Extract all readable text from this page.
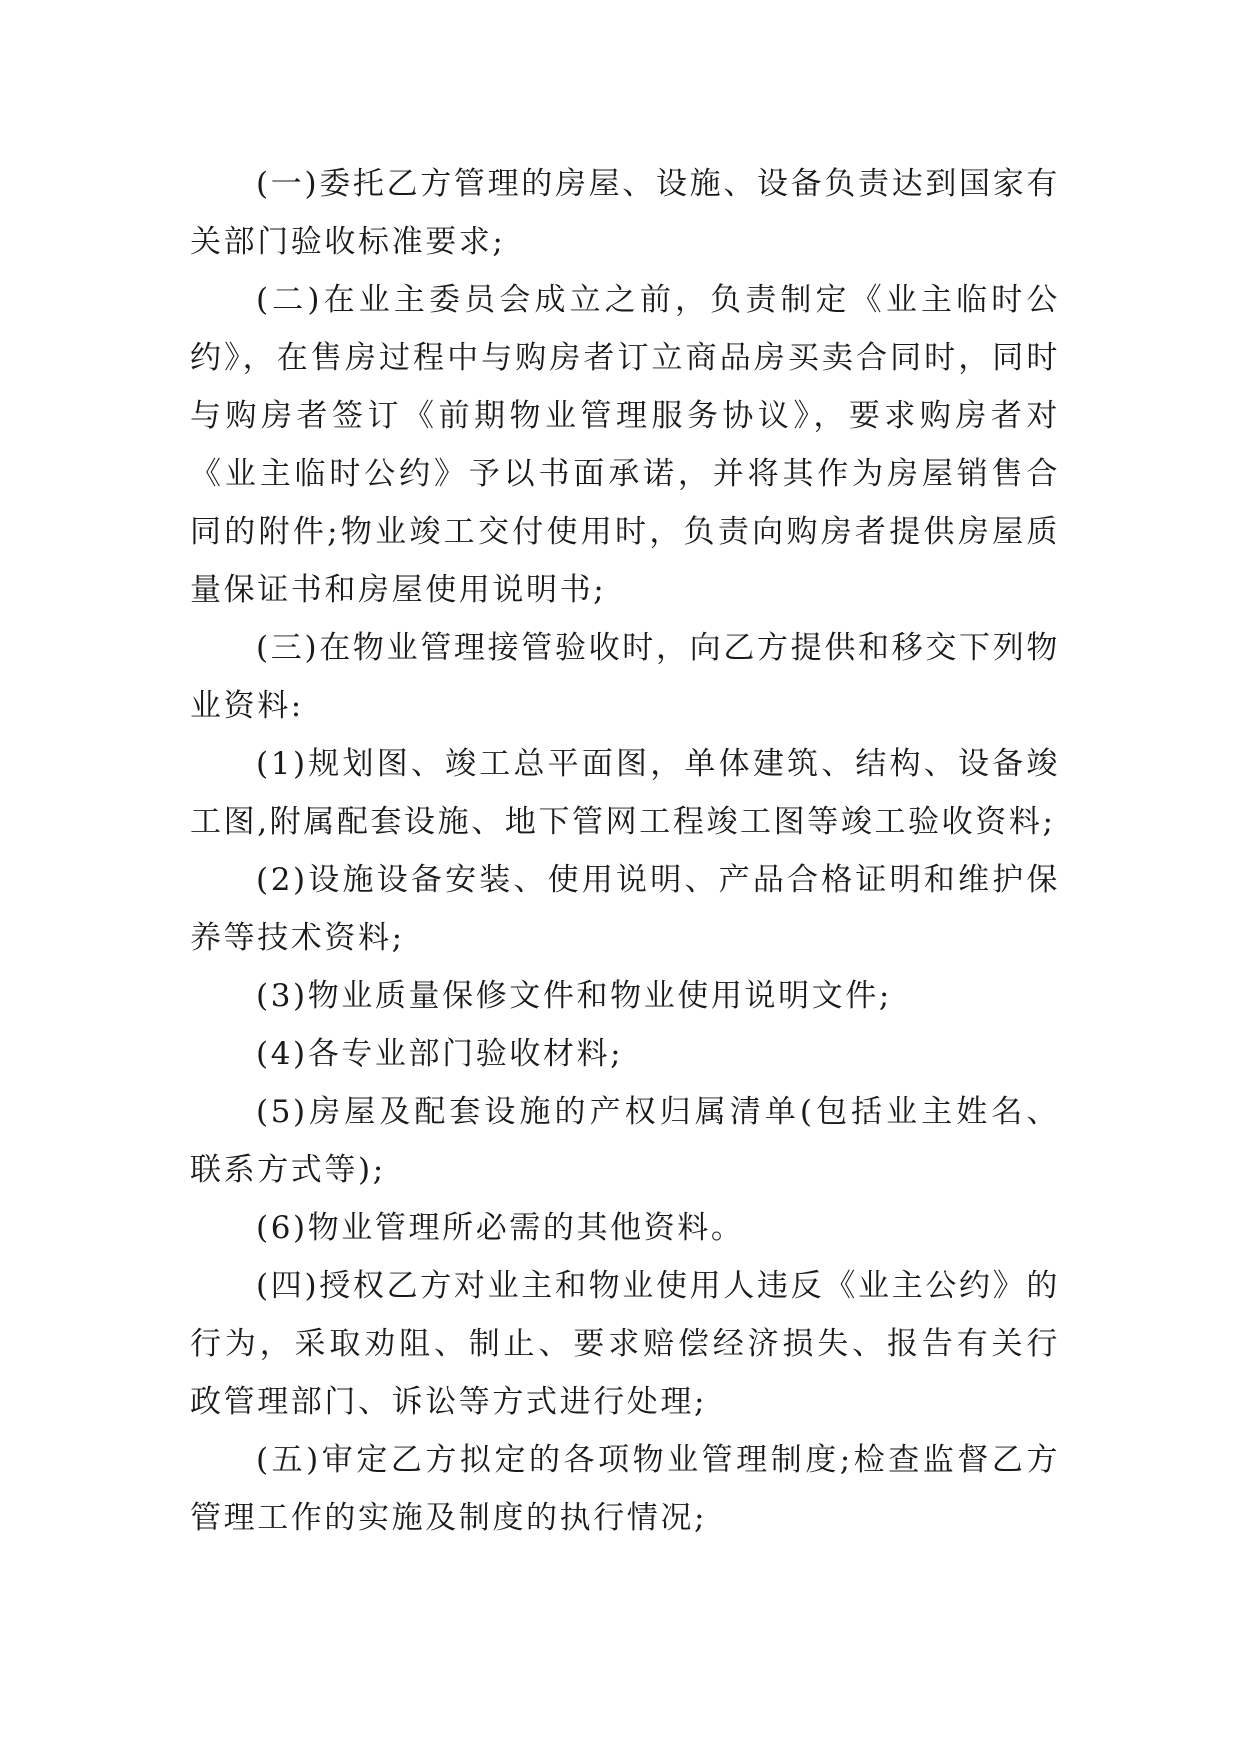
(一)委托乙方管理的房屋、设施、设备负责达到国家有关部门验收标准要求;

(二)在业主委员会成立之前，负责制定《业主临时公约》，在售房过程中与购房者订立商品房买卖合同时，同时与购房者签订《前期物业管理服务协议》，要求购房者对《业主临时公约》予以书面承诺，并将其作为房屋销售合同的附件;物业竣工交付使用时，负责向购房者提供房屋质量保证书和房屋使用说明书;

(三)在物业管理接管验收时，向乙方提供和移交下列物业资料:

(1)规划图、竣工总平面图，单体建筑、结构、设备竣工图,附属配套设施、地下管网工程竣工图等竣工验收资料;

(2)设施设备安装、使用说明、产品合格证明和维护保养等技术资料;

(3)物业质量保修文件和物业使用说明文件;

(4)各专业部门验收材料;

(5)房屋及配套设施的产权归属清单(包括业主姓名、联系方式等);

(6)物业管理所必需的其他资料。

(四)授权乙方对业主和物业使用人违反《业主公约》的行为，采取劝阻、制止、要求赔偿经济损失、报告有关行政管理部门、诉讼等方式进行处理;

(五)审定乙方拟定的各项物业管理制度;检查监督乙方管理工作的实施及制度的执行情况;
